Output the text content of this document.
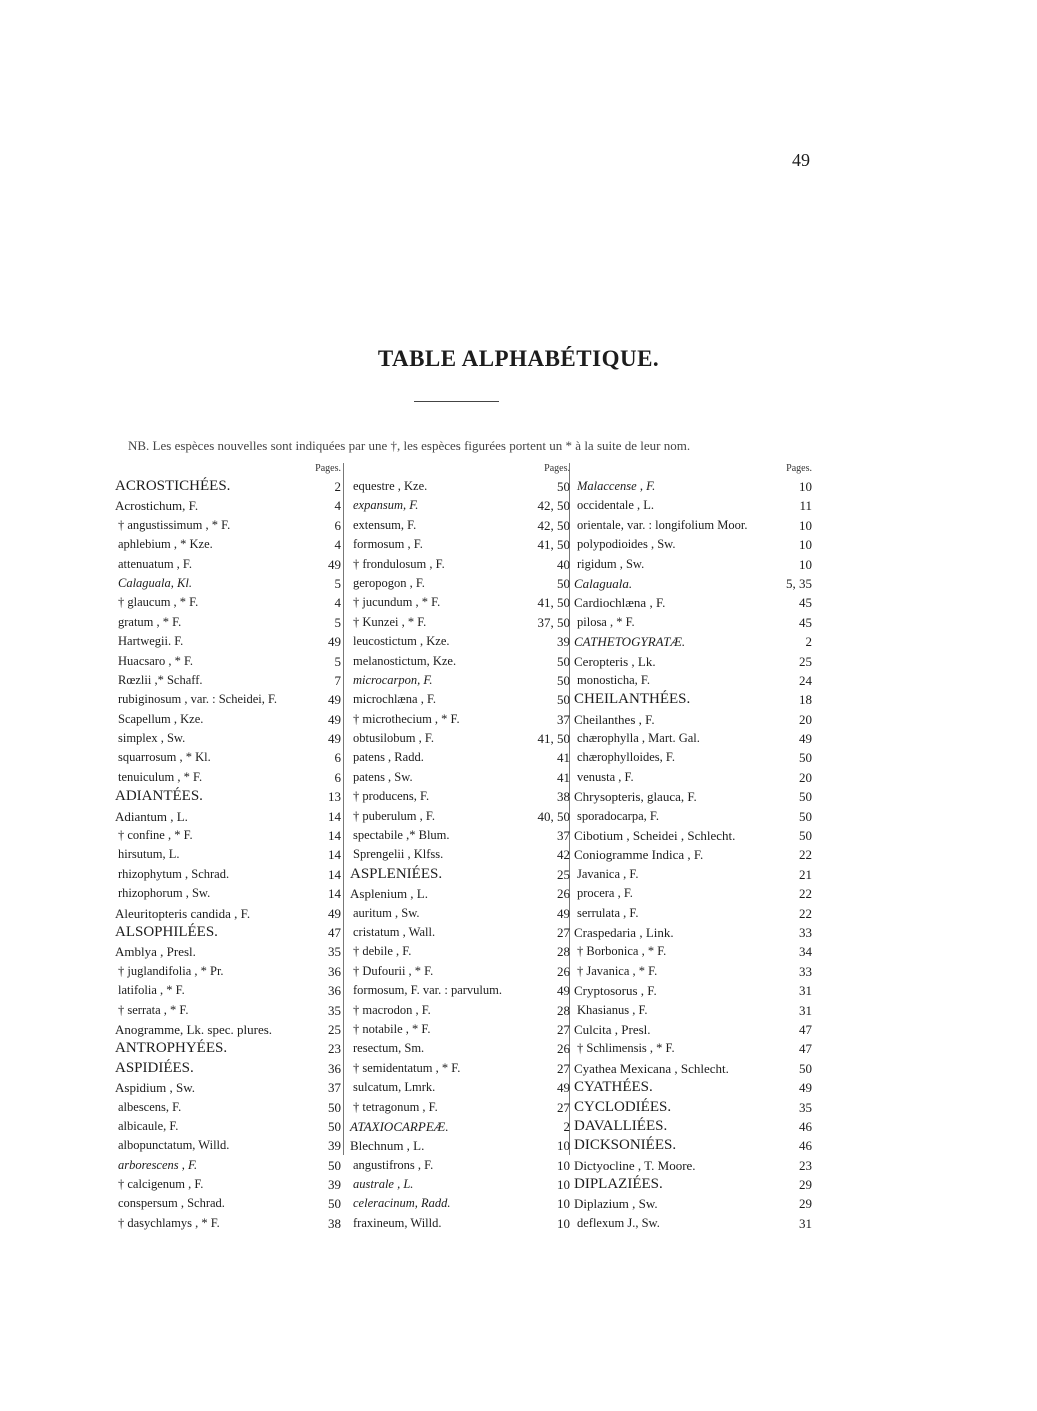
49
TABLE ALPHABÉTIQUE.
NB. Les espèces nouvelles sont indiquées par une †, les espèces figurées portent un * à la suite de leur nom.
Pages.
ACROSTICHÉES.	2
Acrostichum, F.	4
† angustissimum , * F.	6
aphlebium , * Kze.	4
attenuatum , F.	49
Calaguala, Kl.	5
† glaucum , * F.	4
gratum , * F.	5
Hartwegii. F.	49
Huacsaro , * F.	5
Rœzlii ,* Schaff.	7
rubiginosum , var. : Scheidei, F.	49
Scapellum , Kze.	49
simplex , Sw.	49
squarrosum , * Kl.	6
tenuiculum , * F.	6
ADIANTÉES.	13
Adiantum , L.	14
† confine , * F.	14
hirsutum, L.	14
rhizophytum , Schrad.	14
rhizophorum , Sw.	14
Aleuritopteris candida , F.	49
ALSOPHILÉES.	47
Amblya , Presl.	35
† juglandifolia , * Pr.	36
latifolia , * F.	36
† serrata , * F.	35
Anogramme, Lk. spec. plures.	25
ANTROPHYÉES.	23
ASPIDIÉES.	36
Aspidium , Sw.	37
albescens, F.	50
albicaule, F.	50
albopunctatum, Willd.	39
arborescens , F.	50
† calcigenum , F.	39
conspersum , Schrad.	50
† dasychlamys , * F.	38
Pages.
equestre , Kze.	50
expansum, F.	42, 50
extensum, F.	42, 50
formosum , F.	41, 50
† frondulosum , F.	40
geropogon , F.	50
† jucundum , * F.	41, 50
† Kunzei , * F.	37, 50
leucostictum , Kze.	39
melanostictum, Kze.	50
microcarpon, F.	50
microchlæna , F.	50
† microthecium , * F.	37
obtusilobum , F.	41, 50
patens , Radd.	41
patens , Sw.	41
† producens, F.	38
† puberulum , F.	40, 50
spectabile ,* Blum.	37
Sprengelii , Klfss.	42
ASPLENIÉES.	25
Asplenium , L.	26
auritum , Sw.	49
cristatum , Wall.	27
† debile , F.	28
† Dufourii , * F.	26
formosum, F. var. : parvulum.	49
† macrodon , F.	28
† notabile , * F.	27
resectum, Sm.	26
† semidentatum , * F.	27
sulcatum, Lmrk.	49
† tetragonum , F.	27
ATAXIOCARPEÆ.	2
Blechnum , L.	10
angustifrons , F.	10
australe , L.	10
celeracinum, Radd.	10
fraxineum, Willd.	10
Pages.
Malaccense , F.	10
occidentale , L.	11
orientale, var. : longifolium Moor.	10
polypodioides , Sw.	10
rigidum , Sw.	10
Calaguala.	5, 35
Cardiochlæna , F.	45
pilosa , * F.	45
CATHETOGYRATÆ.	2
Ceropteris , Lk.	25
monosticha, F.	24
CHEILANTHÉES.	18
Cheilanthes , F.	20
chærophylla , Mart. Gal.	49
chærophylloides, F.	50
venusta , F.	20
Chrysopteris, glauca, F.	50
sporadocarpa, F.	50
Cibotium , Scheidei , Schlecht.	50
Coniogramme Indica , F.	22
Javanica , F.	21
procera , F.	22
serrulata , F.	22
Craspedaria , Link.	33
† Borbonica , * F.	34
† Javanica , * F.	33
Cryptosorus , F.	31
Khasianus , F.	31
Culcita , Presl.	47
† Schlimensis , * F.	47
Cyathea Mexicana , Schlecht.	50
CYATHÉES.	49
CYCLODIÉES.	35
DAVALLIÉES.	46
DICKSONIÉES.	46
Dictyocline , T. Moore.	23
DIPLAZIÉES.	29
Diplazium , Sw.	29
deflexum J., Sw.	31
